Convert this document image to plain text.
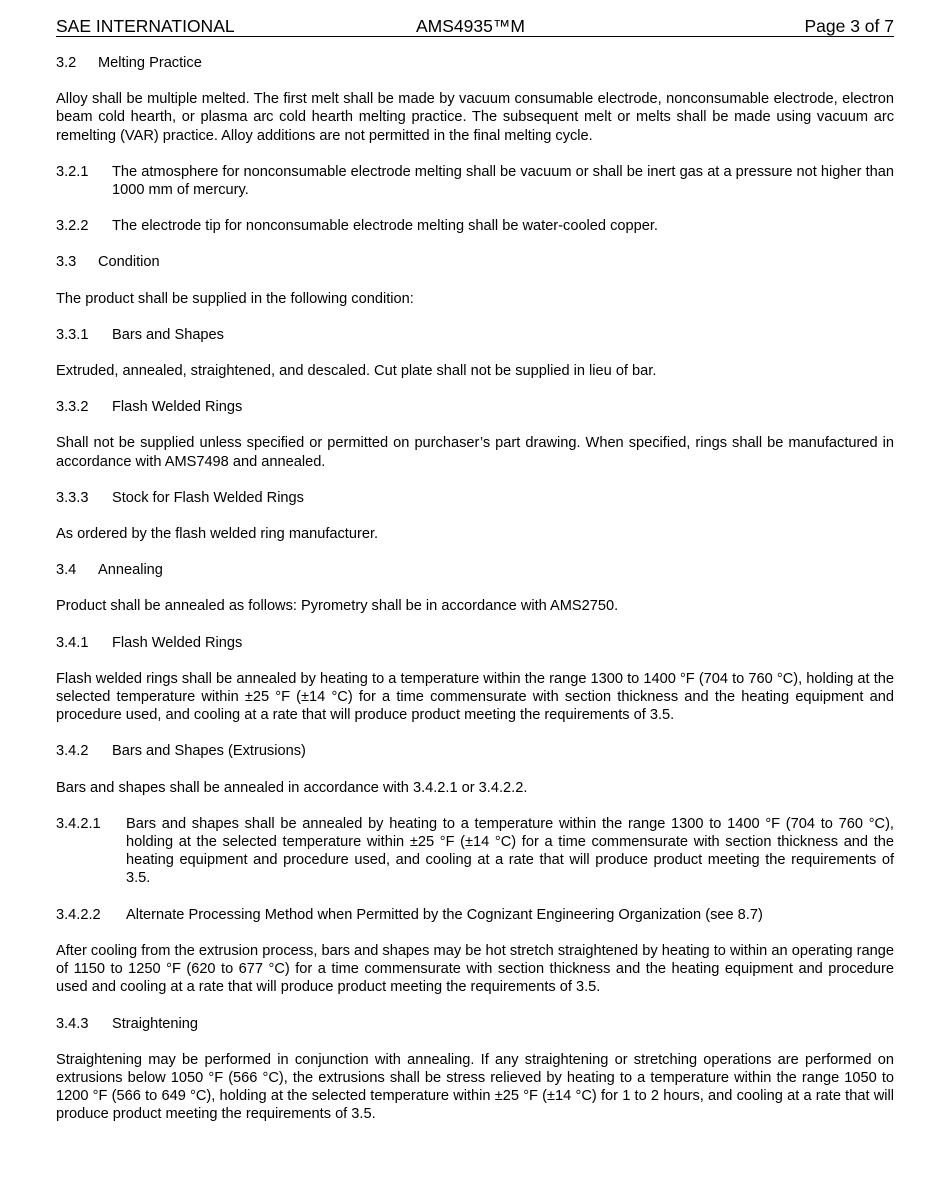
SAE INTERNATIONAL	AMS4935™M	Page 3 of 7
3.2 Melting Practice

Alloy shall be multiple melted. The first melt shall be made by vacuum consumable electrode, nonconsumable electrode, electron beam cold hearth, or plasma arc cold hearth melting practice. The subsequent melt or melts shall be made using vacuum arc remelting (VAR) practice. Alloy additions are not permitted in the final melting cycle.

3.2.1	The atmosphere for nonconsumable electrode melting shall be vacuum or shall be inert gas at a pressure not higher than 1000 mm of mercury.
3.2.2	The electrode tip for nonconsumable electrode melting shall be water-cooled copper.
3.3 Condition

The product shall be supplied in the following condition:

3.3.1 Bars and Shapes

Extruded, annealed, straightened, and descaled. Cut plate shall not be supplied in lieu of bar.

3.3.2 Flash Welded Rings

Shall not be supplied unless specified or permitted on purchaser’s part drawing. When specified, rings shall be manufactured in accordance with AMS7498 and annealed.

3.3.3 Stock for Flash Welded Rings

As ordered by the flash welded ring manufacturer.

3.4 Annealing

Product shall be annealed as follows: Pyrometry shall be in accordance with AMS2750.

3.4.1 Flash Welded Rings

Flash welded rings shall be annealed by heating to a temperature within the range 1300 to 1400 °F (704 to 760 °C), holding at the selected temperature within ±25 °F (±14 °C) for a time commensurate with section thickness and the heating equipment and procedure used, and cooling at a rate that will produce product meeting the requirements of 3.5.

3.4.2 Bars and Shapes (Extrusions)

Bars and shapes shall be annealed in accordance with 3.4.2.1 or 3.4.2.2.

3.4.2.1	Bars and shapes shall be annealed by heating to a temperature within the range 1300 to 1400 °F (704 to 760 °C), holding at the selected temperature within ±25 °F (±14 °C) for a time commensurate with section thickness and the heating equipment and procedure used, and cooling at a rate that will produce product meeting the requirements of 3.5.
3.4.2.2	Alternate Processing Method when Permitted by the Cognizant Engineering Organization (see 8.7)

After cooling from the extrusion process, bars and shapes may be hot stretch straightened by heating to within an operating range of 1150 to 1250 °F (620 to 677 °C) for a time commensurate with section thickness and the heating equipment and procedure used and cooling at a rate that will produce product meeting the requirements of 3.5.

3.4.3 Straightening

Straightening may be performed in conjunction with annealing. If any straightening or stretching operations are performed on extrusions below 1050 °F (566 °C), the extrusions shall be stress relieved by heating to a temperature within the range 1050 to 1200 °F (566 to 649 °C), holding at the selected temperature within ±25 °F (±14 °C) for 1 to 2 hours, and cooling at a rate that will produce product meeting the requirements of 3.5.
